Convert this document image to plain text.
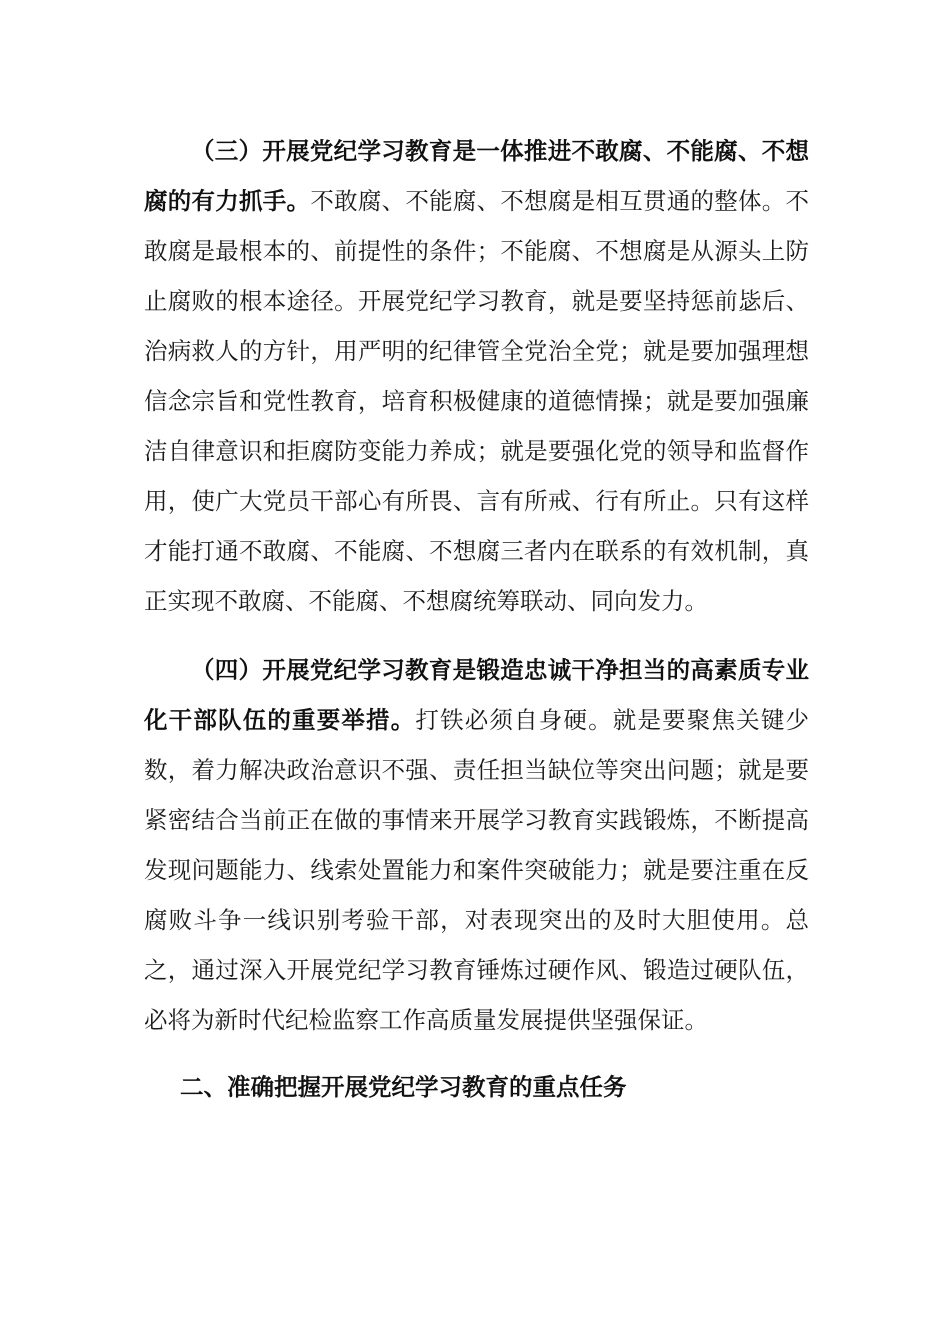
（三）开展党纪学习教育是一体推进不敢腐、不能腐、不想腐的有力抓手。不敢腐、不能腐、不想腐是相互贯通的整体。不敢腐是最根本的、前提性的条件；不能腐、不想腐是从源头上防止腐败的根本途径。开展党纪学习教育，就是要坚持惩前毖后、治病救人的方针，用严明的纪律管全党治全党；就是要加强理想信念宗旨和党性教育，培育积极健康的道德情操；就是要加强廉洁自律意识和拒腐防变能力养成；就是要强化党的领导和监督作用，使广大党员干部心有所畏、言有所戒、行有所止。只有这样才能打通不敢腐、不能腐、不想腐三者内在联系的有效机制，真正实现不敢腐、不能腐、不想腐统筹联动、同向发力。

（四）开展党纪学习教育是锻造忠诚干净担当的高素质专业化干部队伍的重要举措。打铁必须自身硬。就是要聚焦关键少数，着力解决政治意识不强、责任担当缺位等突出问题；就是要紧密结合当前正在做的事情来开展学习教育实践锻炼，不断提高发现问题能力、线索处置能力和案件突破能力；就是要注重在反腐败斗争一线识别考验干部，对表现突出的及时大胆使用。总之，通过深入开展党纪学习教育锤炼过硬作风、锻造过硬队伍，必将为新时代纪检监察工作高质量发展提供坚强保证。

二、准确把握开展党纪学习教育的重点任务
